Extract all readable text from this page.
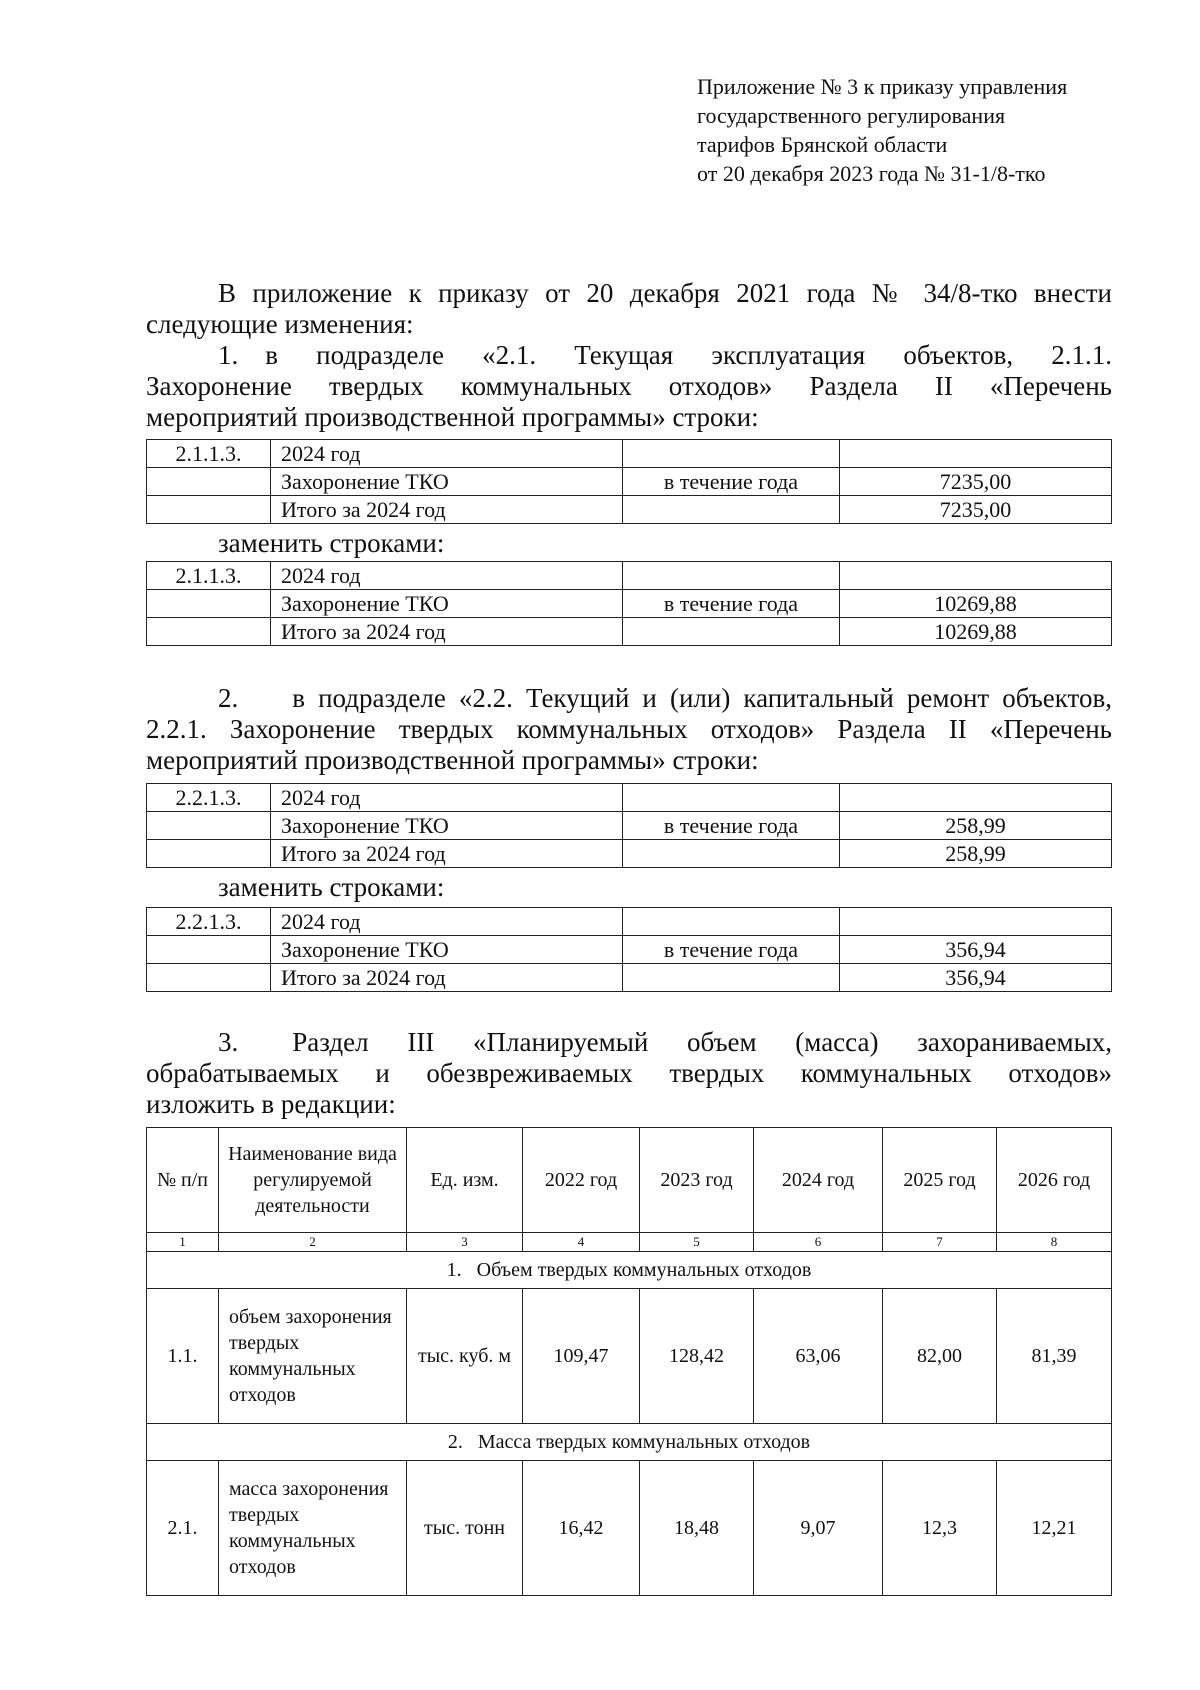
Приложение № 3 к приказу управления
государственного регулирования
тарифов Брянской области
от 20 декабря 2023 года № 31-1/8-тко
В приложение к приказу от 20 декабря 2021 года № 34/8-тко внести
следующие изменения:
1. в подразделе «2.1. Текущая эксплуатация объектов, 2.1.1.
Захоронение твердых коммунальных отходов» Раздела II «Перечень
мероприятий производственной программы» строки:
2.1.1.3.	2024 год		
	Захоронение ТКО	в течение года	7235,00
	Итого за 2024 год		7235,00
заменить строками:
2.1.1.3.	2024 год		
	Захоронение ТКО	в течение года	10269,88
	Итого за 2024 год		10269,88
2.  в подразделе «2.2. Текущий и (или) капитальный ремонт объектов,
2.2.1. Захоронение твердых коммунальных отходов» Раздела II «Перечень
мероприятий производственной программы» строки:
2.2.1.3.	2024 год		
	Захоронение ТКО	в течение года	258,99
	Итого за 2024 год		258,99
заменить строками:
2.2.1.3.	2024 год		
	Захоронение ТКО	в течение года	356,94
	Итого за 2024 год		356,94
3.  Раздел III «Планируемый объем (масса) захораниваемых,
обрабатываемых и обезвреживаемых твердых коммунальных отходов»
изложить в редакции:
№ п/п	Наименование вида регулируемой деятельности	Ед. изм.	2022 год	2023 год	2024 год	2025 год	2026 год
1	2	3	4	5	6	7	8
1.  Объем твердых коммунальных отходов							
1.1.	объем захоронения твердых коммунальных отходов	тыс. куб. м	109,47	128,42	63,06	82,00	81,39
2.  Масса твердых коммунальных отходов							
2.1.	масса захоронения твердых коммунальных отходов	тыс. тонн	16,42	18,48	9,07	12,3	12,21
